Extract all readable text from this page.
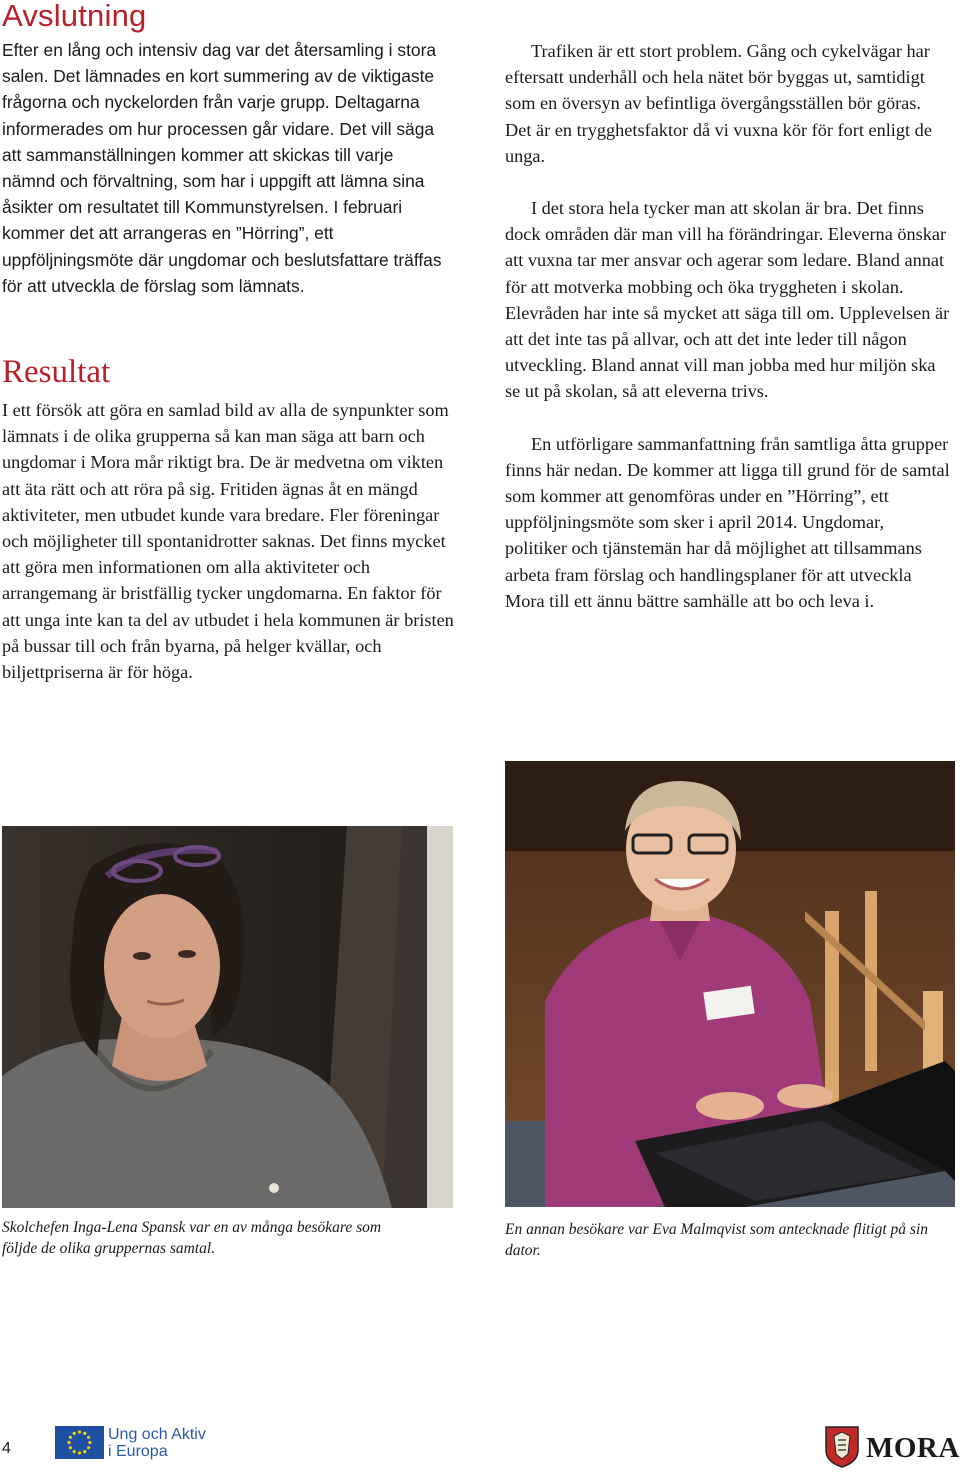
Avslutning

Efter en lång och intensiv dag var det återsamling i stora salen. Det lämnades en kort summering av de viktigaste frågorna och nyckelorden från varje grupp. Deltagarna informerades om hur processen går vidare. Det vill säga att sammanställningen kommer att skickas till varje nämnd och förvaltning, som har i uppgift att lämna sina åsikter om resultatet till Kommunstyrelsen. I februari kommer det att arrangeras en ”Hörring”, ett uppföljningsmöte där ungdomar och beslutsfattare träffas för att utveckla de förslag som lämnats.

Resultat

I ett försök att göra en samlad bild av alla de synpunkter som lämnats i de olika grupperna så kan man säga att barn och ungdomar i Mora mår riktigt bra. De är medvetna om vikten att äta rätt och att röra på sig. Fritiden ägnas åt en mängd aktiviteter, men utbudet kunde vara bredare. Fler föreningar och möjligheter till spontanidrotter saknas. Det finns mycket att göra men informationen om alla aktiviteter och arrangemang är bristfällig tycker ungdomarna. En faktor för att unga inte kan ta del av utbudet i hela kommunen är bristen på bussar till och från byarna, på helger kvällar, och biljettpriserna är för höga.

Trafiken är ett stort problem. Gång och cykelvägar har eftersatt underhåll och hela nätet bör byggas ut, samtidigt som en översyn av befintliga övergångsställen bör göras. Det är en trygghetsfaktor då vi vuxna kör för fort enligt de unga.

I det stora hela tycker man att skolan är bra. Det finns dock områden där man vill ha förändringar. Eleverna önskar att vuxna tar mer ansvar och agerar som ledare. Bland annat för att motverka mobbing och öka tryggheten i skolan. Elevråden har inte så mycket att säga till om. Upplevelsen är att det inte tas på allvar, och att det inte leder till någon utveckling. Bland annat vill man jobba med hur miljön ska se ut på skolan, så att eleverna trivs.

En utförligare sammanfattning från samtliga åtta grupper finns här nedan. De kommer att ligga till grund för de samtal som kommer att genomföras under en ”Hörring”, ett uppföljningsmöte som sker i april 2014. Ungdomar, politiker och tjänstemän har då möjlighet att tillsammans arbeta fram förslag och handlingsplaner för att utveckla Mora till ett ännu bättre samhälle att bo och leva i.

Skolchefen Inga-Lena Spansk var en av många besökare som följde de olika gruppernas samtal.
En annan besökare var Eva Malmqvist som antecknade flitigt på sin dator.
4
Ung och Aktiv
i Europa	MORA
